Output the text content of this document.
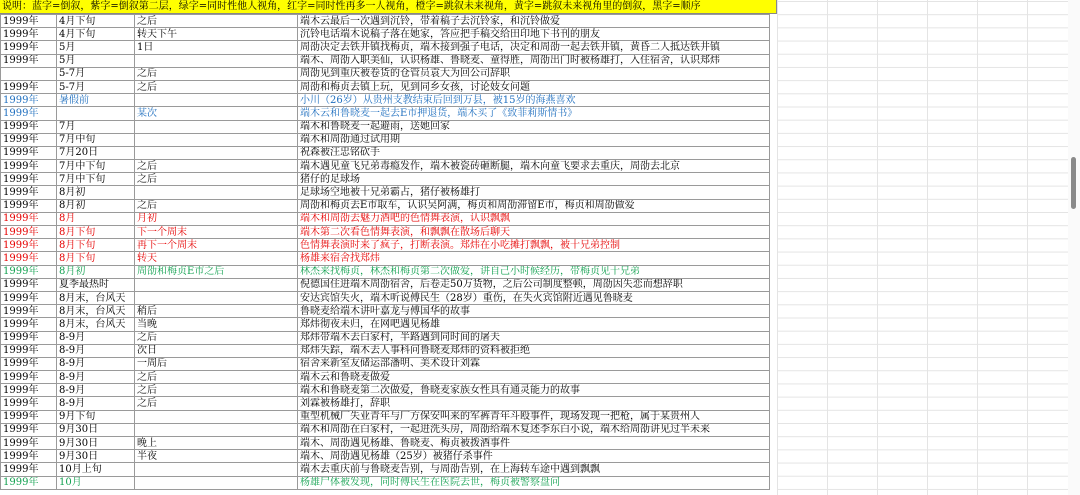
说明：蓝字=倒叙，紫字=倒叙第二层，绿字=同时性他人视角，红字=同时性再多一人视角，橙字=跳叙未来视角，黄字=跳叙未来视角里的倒叙，黑字=顺序
1999年	4月下旬	之后	端木云最后一次遇到沉铃，带着稿子去沉铃家，和沉铃做爱
1999年	4月下旬	转天下午	沉铃电话端木说稿子落在她家，答应把手稿交给田印地下书刊的朋友
1999年	5月	1日	周劭决定去铁井镇找梅贞，端木接到强子电话，决定和周劭一起去铁井镇，黄昏二人抵达铁井镇
1999年	5月		端木、周劭入职美仙，认识杨雄、鲁晓麦、童得胜，周劭出门时被杨雄打，入住宿舍，认识郑炜
	5-7月	之后	周劭见到重庆被卷货的仓管员袁大为回公司辞职
1999年	5-7月	之后	周劭和梅贞去镇上玩，见到同乡女孩，讨论妓女问题
1999年	暑假前		小川（26岁）从贵州支教结束后回到万县，被15岁的海燕喜欢
1999年		某次	端木云和鲁晓麦一起去E市押退货，端木买了《致菲莉斯情书》
1999年	7月		端木和鲁晓麦一起避雨，送她回家
1999年	7月中旬		端木和周劭通过试用期
1999年	7月20日		祝森被汪忠铭砍手
1999年	7月中下旬	之后	端木遇见童飞兄弟毒瘾发作，端木被瓷砖砸断腿，端木向童飞要求去重庆，周劭去北京
1999年	7月中下旬	之后	猪仔的足球场
1999年	8月初		足球场空地被十兄弟霸占，猪仔被杨雄打
1999年	8月初	之后	周劭和梅贞去E市取车，认识吴阿满，梅贞和周劭滞留E市，梅贞和周劭做爱
1999年	8月	月初	端木和周劭去魅力酒吧的色情舞表演，认识飘飘
1999年	8月下旬	下一个周末	端木第二次看色情舞表演，和飘飘在散场后聊天
1999年	8月下旬	再下一个周末	色情舞表演时来了疯子，打断表演。郑炜在小吃摊打飘飘，被十兄弟控制
1999年	8月下旬	转天	杨雄来宿舍找郑炜
1999年	8月初	周劭和梅贞E市之后	林杰来找梅贞，林杰和梅贞第二次做爱，讲自己小时候经历，带梅贞见十兄弟
1999年	夏季最热时		倪德国住进端木周劭宿舍，后卷走50万货物，之后公司制度整顿，周劭因失恋而想辞职
1999年	8月末，台风天		安达宾馆失火，端木听说傅民生（28岁）重伤，在失火宾馆附近遇见鲁晓麦
1999年	8月末，台风天	稍后	鲁晓麦给端木讲叶嘉龙与傅国华的故事
1999年	8月末，台风天	当晚	郑炜彻夜未归，在网吧遇见杨雄
1999年	8-9月	之后	郑炜带端木去白家村，半路遇到同时间的屠夫
1999年	8-9月	次日	郑炜失踪，端木去人事科问鲁晓麦郑炜的资料被拒绝
1999年	8-9月	一周后	宿舍来新室友储运部潘明、美术设计刘霖
1999年	8-9月	之后	端木云和鲁晓麦做爱
1999年	8-9月	之后	端木和鲁晓麦第二次做爱，鲁晓麦家族女性具有通灵能力的故事
1999年	8-9月	之后	刘霖被杨雄打，辞职
1999年	9月下旬		重型机械厂失业青年与厂方保安叫来的军裤青年斗殴事件，现场发现一把枪，属于某贵州人
1999年	9月30日		端木和周劭在白家村，一起进洗头房，周劭给端木复述李东白小说，端木给周劭讲见过半未来
1999年	9月30日	晚上	端木、周劭遇见杨雄、鲁晓麦、梅贞被拨酒事件
1999年	9月30日	半夜	端木、周劭遇见杨雄（25岁）被猪仔杀事件
1999年	10月上旬		端木去重庆前与鲁晓麦告别，与周劭告别，在上海转车途中遇到飘飘
1999年	10月		杨雄尸体被发现，同时傅民生在医院去世，梅贞被警察盘问
